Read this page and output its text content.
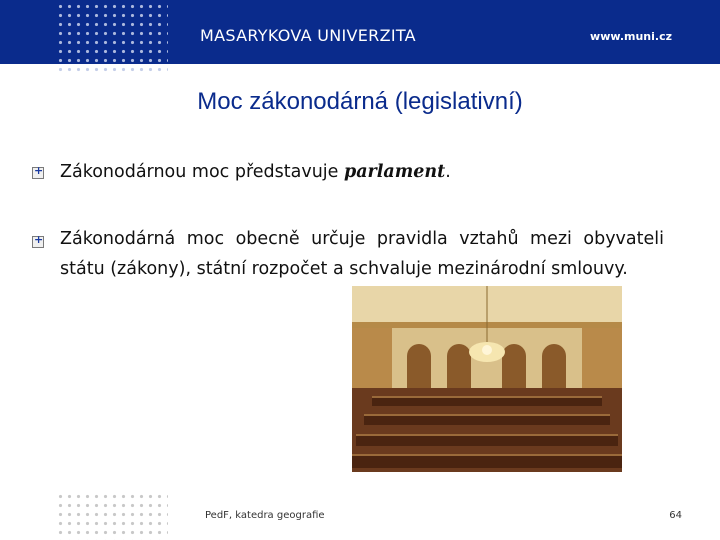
MASARYKOVA UNIVERZITA	www.muni.cz
Moc zákonodárná (legislativní)
+
Zákonodárnou moc představuje parlament.
+
Zákonodárná moc obecně určuje pravidla vztahů mezi obyvateli státu (zákony), státní rozpočet a schvaluje mezinárodní smlouvy.
PedF, katedra geografie	64
